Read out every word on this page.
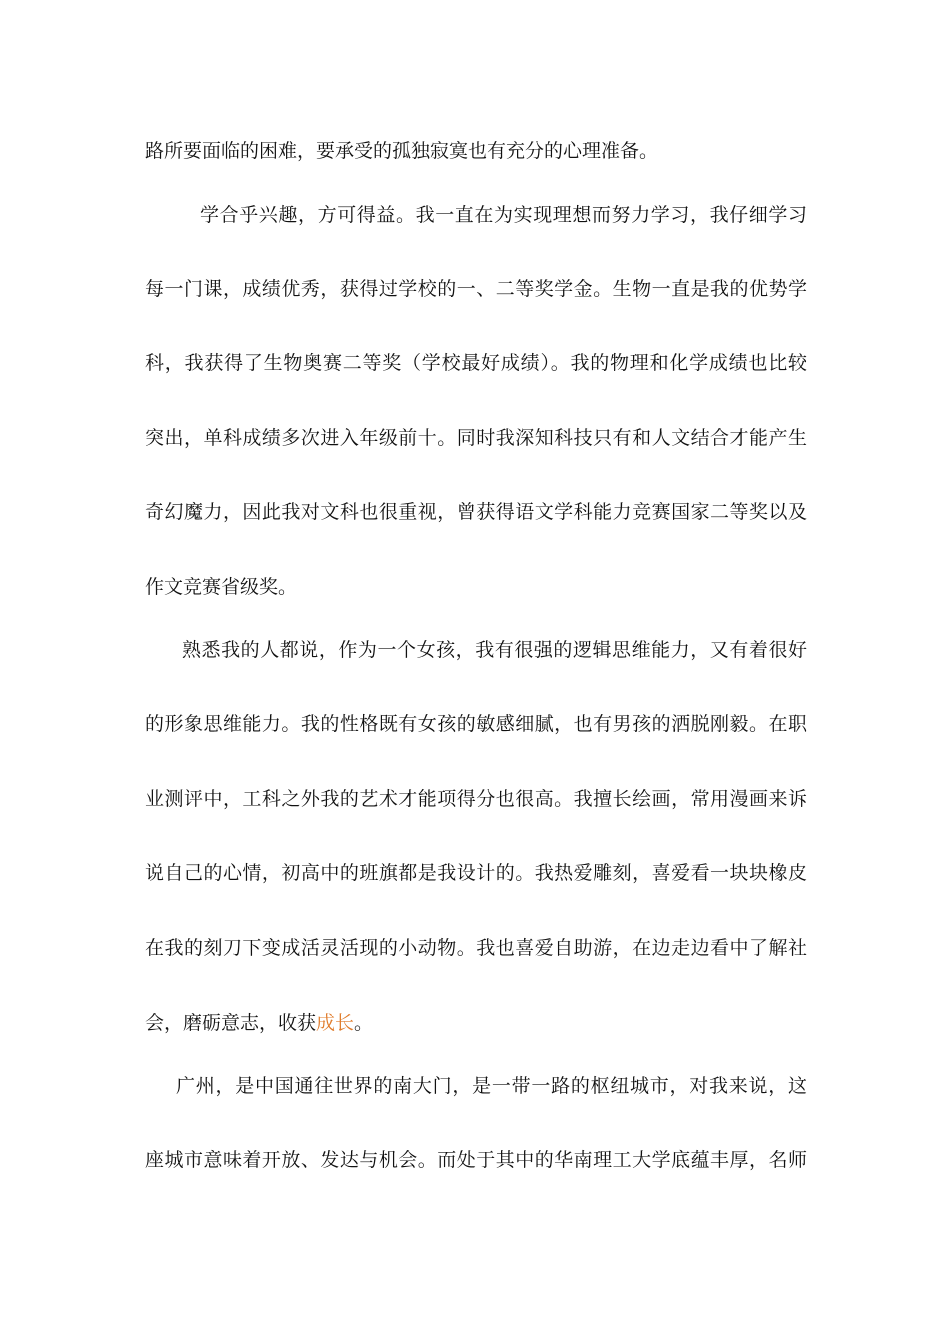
路所要面临的困难，要承受的孤独寂寞也有充分的心理准备。
学合乎兴趣，方可得益。我一直在为实现理想而努力学习，我仔细学习
每一门课，成绩优秀，获得过学校的一、二等奖学金。生物一直是我的优势学
科，我获得了生物奥赛二等奖（学校最好成绩）。我的物理和化学成绩也比较
突出，单科成绩多次进入年级前十。同时我深知科技只有和人文结合才能产生
奇幻魔力，因此我对文科也很重视，曾获得语文学科能力竞赛国家二等奖以及
作文竞赛省级奖。
熟悉我的人都说，作为一个女孩，我有很强的逻辑思维能力，又有着很好
的形象思维能力。我的性格既有女孩的敏感细腻，也有男孩的洒脱刚毅。在职
业测评中，工科之外我的艺术才能项得分也很高。我擅长绘画，常用漫画来诉
说自己的心情，初高中的班旗都是我设计的。我热爱雕刻，喜爱看一块块橡皮
在我的刻刀下变成活灵活现的小动物。我也喜爱自助游，在边走边看中了解社
会，磨砺意志，收获成长。
广州，是中国通往世界的南大门，是一带一路的枢纽城市，对我来说，这
座城市意味着开放、发达与机会。而处于其中的华南理工大学底蕴丰厚，名师
